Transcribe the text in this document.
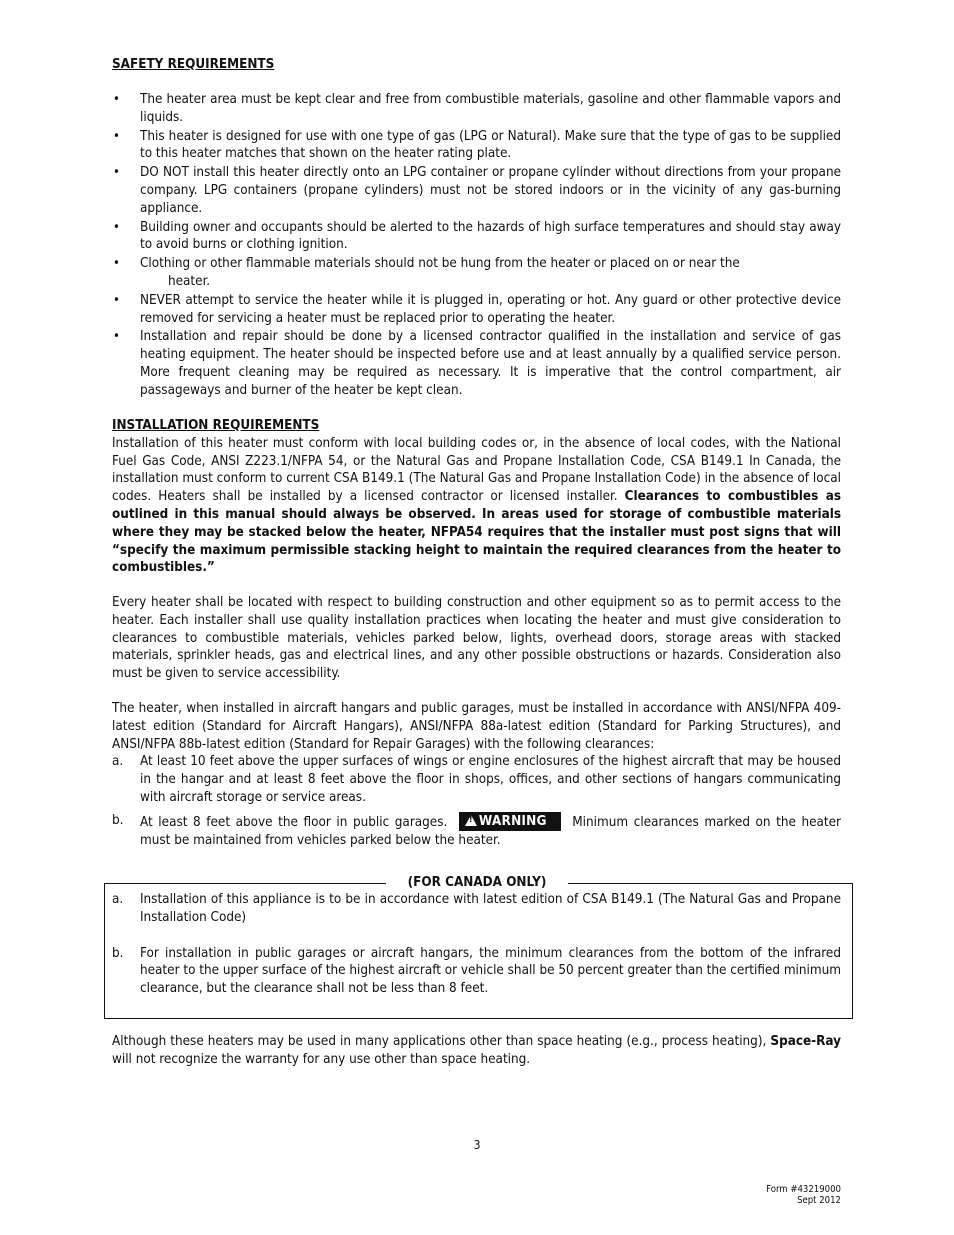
SAFETY REQUIREMENTS
• The heater area must be kept clear and free from combustible materials, gasoline and other flammable vapors and liquids.
• This heater is designed for use with one type of gas (LPG or Natural). Make sure that the type of gas to be supplied to this heater matches that shown on the heater rating plate.
• DO NOT install this heater directly onto an LPG container or propane cylinder without directions from your propane company. LPG containers (propane cylinders) must not be stored indoors or in the vicinity of any gas-burning appliance.
• Building owner and occupants should be alerted to the hazards of high surface temperatures and should stay away to avoid burns or clothing ignition.
• Clothing or other flammable materials should not be hung from the heater or placed on or near the
heater.
• NEVER attempt to service the heater while it is plugged in, operating or hot. Any guard or other protective device removed for servicing a heater must be replaced prior to operating the heater.
• Installation and repair should be done by a licensed contractor qualified in the installation and service of gas heating equipment. The heater should be inspected before use and at least annually by a qualified service person. More frequent cleaning may be required as necessary. It is imperative that the control compartment, air passageways and burner of the heater be kept clean.
INSTALLATION REQUIREMENTS
Installation of this heater must conform with local building codes or, in the absence of local codes, with the National Fuel Gas Code, ANSI Z223.1/NFPA 54, or the Natural Gas and Propane Installation Code, CSA B149.1 In Canada, the installation must conform to current CSA B149.1 (The Natural Gas and Propane Installation Code) in the absence of local codes. Heaters shall be installed by a licensed contractor or licensed installer. Clearances to combustibles as outlined in this manual should always be observed. In areas used for storage of combustible materials where they may be stacked below the heater, NFPA54 requires that the installer must post signs that will “specify the maximum permissible stacking height to maintain the required clearances from the heater to combustibles.”
Every heater shall be located with respect to building construction and other equipment so as to permit access to the heater. Each installer shall use quality installation practices when locating the heater and must give consideration to clearances to combustible materials, vehicles parked below, lights, overhead doors, storage areas with stacked materials, sprinkler heads, gas and electrical lines, and any other possible obstructions or hazards. Consideration also must be given to service accessibility.
The heater, when installed in aircraft hangars and public garages, must be installed in accordance with ANSI/NFPA 409-latest edition (Standard for Aircraft Hangars), ANSI/NFPA 88a-latest edition (Standard for Parking Structures), and ANSI/NFPA 88b-latest edition (Standard for Repair Garages) with the following clearances:
a. At least 10 feet above the upper surfaces of wings or engine enclosures of the highest aircraft that may be housed in the hangar and at least 8 feet above the floor in shops, offices, and other sections of hangars communicating with aircraft storage or service areas.
b. At least 8 feet above the floor in public garages. ! WARNING Minimum clearances marked on the heater must be maintained from vehicles parked below the heater.
(FOR CANADA ONLY)
a. Installation of this appliance is to be in accordance with latest edition of CSA B149.1 (The Natural Gas and Propane Installation Code)
b. For installation in public garages or aircraft hangars, the minimum clearances from the bottom of the infrared heater to the upper surface of the highest aircraft or vehicle shall be 50 percent greater than the certified minimum clearance, but the clearance shall not be less than 8 feet.
Although these heaters may be used in many applications other than space heating (e.g., process heating), Space-Ray will not recognize the warranty for any use other than space heating.
3
Form #43219000
Sept 2012
